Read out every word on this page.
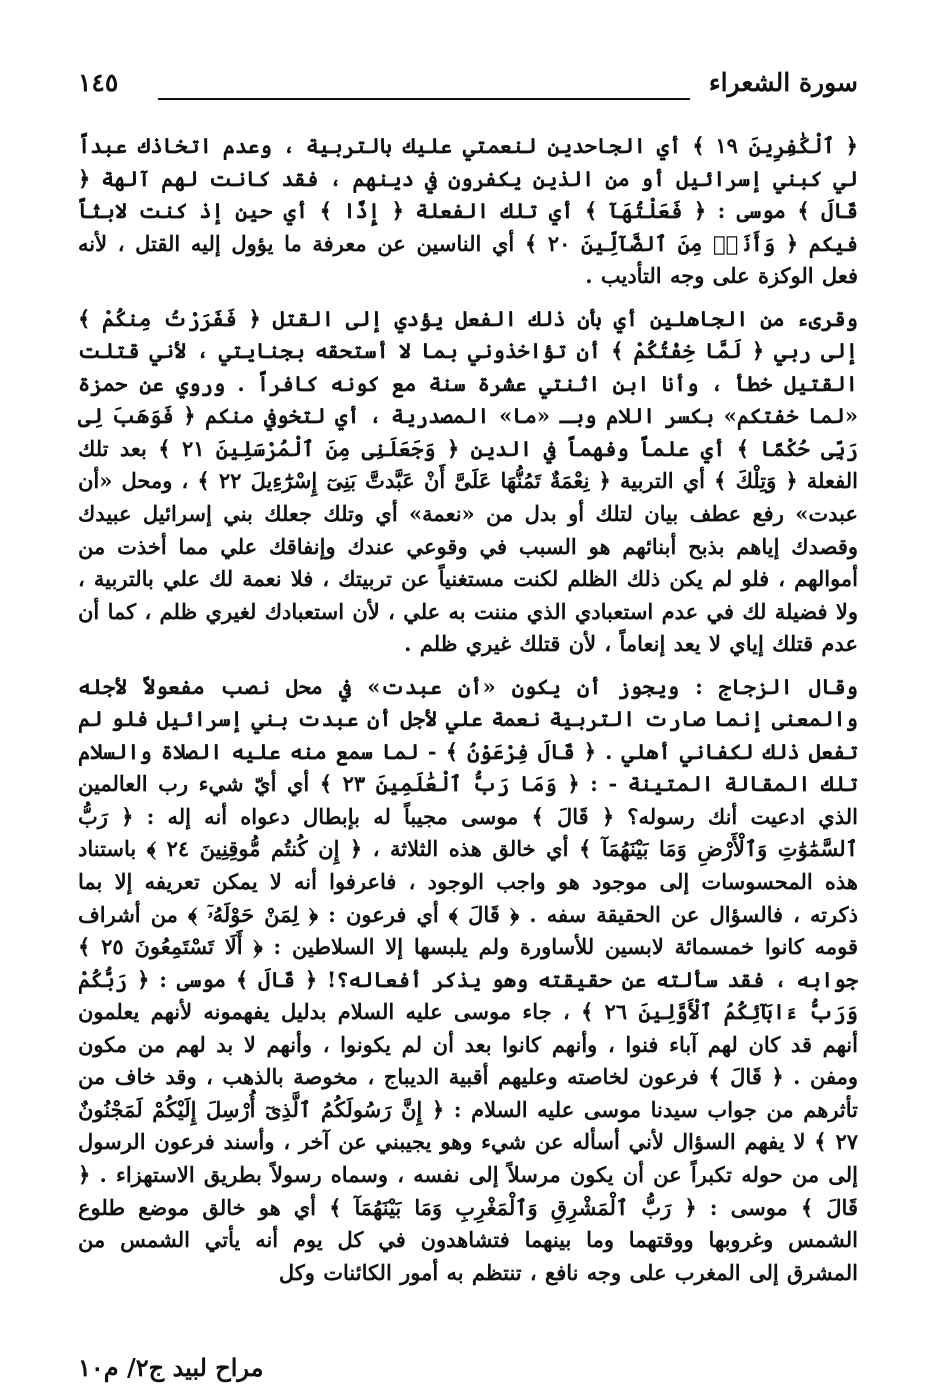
سورة الشعراء
١٤٥

﴿ ٱلْكَٰفِرِينَ ١٩ ﴾ أي الجاحدين لنعمتي عليك بالتربية ، وعدم اتخاذك عبداً لي كبني إسرائيل أو من الذين يكفرون في دينهم ، فقد كانت لهم آلهة ﴿ قَالَ ﴾ موسى : ﴿ فَعَلْتُهَآ ﴾ أي تلك الفعلة ﴿ إِذًا ﴾ أي حين إذ كنت لابثاً فيكم ﴿ وَأَنَا۠ مِنَ ٱلضَّآلِّينَ ٢٠ ﴾ أي الناسين عن معرفة ما يؤول إليه القتل ، لأنه فعل الوكزة على وجه التأديب .

وقرىء من الجاهلين أي بأن ذلك الفعل يؤدي إلى القتل ﴿ فَفَرَرْتُ مِنكُمْ ﴾ إلى ربي ﴿ لَمَّا خِفْتُكُمْ ﴾ أن تؤاخذوني بما لا أستحقه بجنايتي ، لأني قتلت القتيل خطأ ، وأنا ابن اثنتي عشرة سنة مع كونه كافراً . وروي عن حمزة «لما خفتكم» بكسر اللام وبـ «ما» المصدرية ، أي لتخوفي منكم ﴿ فَوَهَبَ لِى رَبِّى حُكْمًا ﴾ أي علماً وفهماً في الدين ﴿ وَجَعَلَنِى مِنَ ٱلْمُرْسَلِينَ ٢١ ﴾ بعد تلك الفعلة ﴿ وَتِلْكَ ﴾ أي التربية ﴿ نِعْمَةٌ تَمُنُّهَا عَلَىَّ أَنْ عَبَّدتَّ بَنِىٓ إِسْرَٰٓءِيلَ ٢٢ ﴾ ، ومحل «أن عبدت» رفع عطف بيان لتلك أو بدل من «نعمة» أي وتلك جعلك بني إسرائيل عبيدك وقصدك إياهم بذبح أبنائهم هو السبب في وقوعي عندك وإنفاقك علي مما أخذت من أموالهم ، فلو لم يكن ذلك الظلم لكنت مستغنياً عن تربيتك ، فلا نعمة لك علي بالتربية ، ولا فضيلة لك في عدم استعبادي الذي مننت به علي ، لأن استعبادك لغيري ظلم ، كما أن عدم قتلك إياي لا يعد إنعاماً ، لأن قتلك غيري ظلم .

وقال الزجاج : ويجوز أن يكون «أن عبدت» في محل نصب مفعولاً لأجله والمعنى إنما صارت التربية نعمة علي لأجل أن عبدت بني إسرائيل فلو لم تفعل ذلك لكفاني أهلي . ﴿ قَالَ فِرْعَوْنُ ﴾ - لما سمع منه عليه الصلاة والسلام تلك المقالة المتينة - : ﴿ وَمَا رَبُّ ٱلْعَٰلَمِينَ ٢٣ ﴾ أي أيّ شيء رب العالمين الذي ادعيت أنك رسوله؟ ﴿ قَالَ ﴾ موسى مجيباً له بإبطال دعواه أنه إله : ﴿ رَبُّ ٱلسَّمَٰوَٰتِ وَٱلْأَرْضِ وَمَا بَيْنَهُمَآ ﴾ أي خالق هذه الثلاثة ، ﴿ إِن كُنتُم مُّوقِنِينَ ٢٤ ﴾ باستناد هذه المحسوسات إلى موجود هو واجب الوجود ، فاعرفوا أنه لا يمكن تعريفه إلا بما ذكرته ، فالسؤال عن الحقيقة سفه . ﴿ قَالَ ﴾ أي فرعون : ﴿ لِمَنْ حَوْلَهُۥٓ ﴾ من أشراف قومه كانوا خمسمائة لابسين للأساورة ولم يلبسها إلا السلاطين : ﴿ أَلَا تَسْتَمِعُونَ ٢٥ ﴾ جوابه ، فقد سألته عن حقيقته وهو يذكر أفعاله؟! ﴿ قَالَ ﴾ موسى : ﴿ رَبُّكُمْ وَرَبُّ ءَابَآئِكُمُ ٱلْأَوَّلِينَ ٢٦ ﴾ ، جاء موسى عليه السلام بدليل يفهمونه لأنهم يعلمون أنهم قد كان لهم آباء فنوا ، وأنهم كانوا بعد أن لم يكونوا ، وأنهم لا بد لهم من مكون ومفن . ﴿ قَالَ ﴾ فرعون لخاصته وعليهم أقبية الديباج ، مخوصة بالذهب ، وقد خاف من تأثرهم من جواب سيدنا موسى عليه السلام : ﴿ إِنَّ رَسُولَكُمُ ٱلَّذِىٓ أُرْسِلَ إِلَيْكُمْ لَمَجْنُونٌ ٢٧ ﴾ لا يفهم السؤال لأني أسأله عن شيء وهو يجيبني عن آخر ، وأسند فرعون الرسول إلى من حوله تكبراً عن أن يكون مرسلاً إلى نفسه ، وسماه رسولاً بطريق الاستهزاء . ﴿ قَالَ ﴾ موسى : ﴿ رَبُّ ٱلْمَشْرِقِ وَٱلْمَغْرِبِ وَمَا بَيْنَهُمَآ ﴾ أي هو خالق موضع طلوع الشمس وغروبها ووقتهما وما بينهما فتشاهدون في كل يوم أنه يأتي الشمس من المشرق إلى المغرب على وجه نافع ، تنتظم به أمور الكائنات وكل

مراح لبيد ج٢/ م١٠
